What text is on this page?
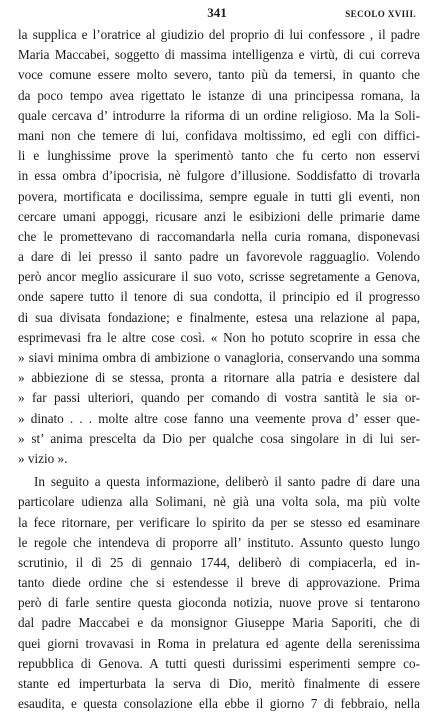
341	SECOLO XVIII.
la supplica e l’oratrice al giudizio del proprio di lui confessore , il padre
Maria Maccabei, soggetto di massima intelligenza e virtù, di cui correva
voce comune essere molto severo, tanto più da temersi, in quanto che
da poco tempo avea rigettato le istanze di una principessa romana, la
quale cercava d’ introdurre la riforma di un ordine religioso. Ma la Soli-
mani non che temere di lui, confidava moltissimo, ed egli con diffici-
li e lunghissime prove la sperimentò tanto che fu certo non esservi
in essa ombra d’ipocrisia, nè fulgore d’illusione. Soddisfatto di trovarla
povera, mortificata e docilissima, sempre eguale in tutti gli eventi, non
cercare umani appoggi, ricusare anzi le esibizioni delle primarie dame
che le promettevano di raccomandarla nella curia romana, disponevasi
a dare di lei presso il santo padre un favorevole ragguaglio. Volendo
però ancor meglio assicurare il suo voto, scrisse segretamente a Genova,
onde sapere tutto il tenore di sua condotta, il principio ed il progresso
di sua divisata fondazione; e finalmente, estesa una relazione al papa,
esprimevasi fra le altre cose così. « Non ho potuto scoprire in essa che
» siavi minima ombra di ambizione o vanagloria, conservando una somma
» abbiezione di se stessa, pronta a ritornare alla patria e desistere dal
» far passi ulteriori, quando per comando di vostra santità le sia or-
» dinato . . . molte altre cose fanno una veemente prova d’ esser que-
» st’ anima prescelta da Dio per qualche cosa singolare in di lui ser-
» vizio ».
In seguito a questa informazione, deliberò il santo padre di dare una
particolare udienza alla Solimani, nè già una volta sola, ma più volte
la fece ritornare, per verificare lo spirito da per se stesso ed esaminare
le regole che intendeva di proporre all’ instituto. Assunto questo lungo
scrutinio, il dì 25 di gennaio 1744, deliberò di compiacerla, ed in-
tanto diede ordine che si estendesse il breve di approvazione. Prima
però di farle sentire questa gioconda notizia, nuove prove si tentarono
dal padre Maccabei e da monsignor Giuseppe Maria Saporiti, che di
quei giorni trovavasi in Roma in prelatura ed agente della serenissima
repubblica di Genova. A tutti questi durissimi esperimenti sempre co-
stante ed imperturbata la serva di Dio, meritò finalmente di essere
esaudita, e questa consolazione ella ebbe il giorno 7 di febbraio, nella
